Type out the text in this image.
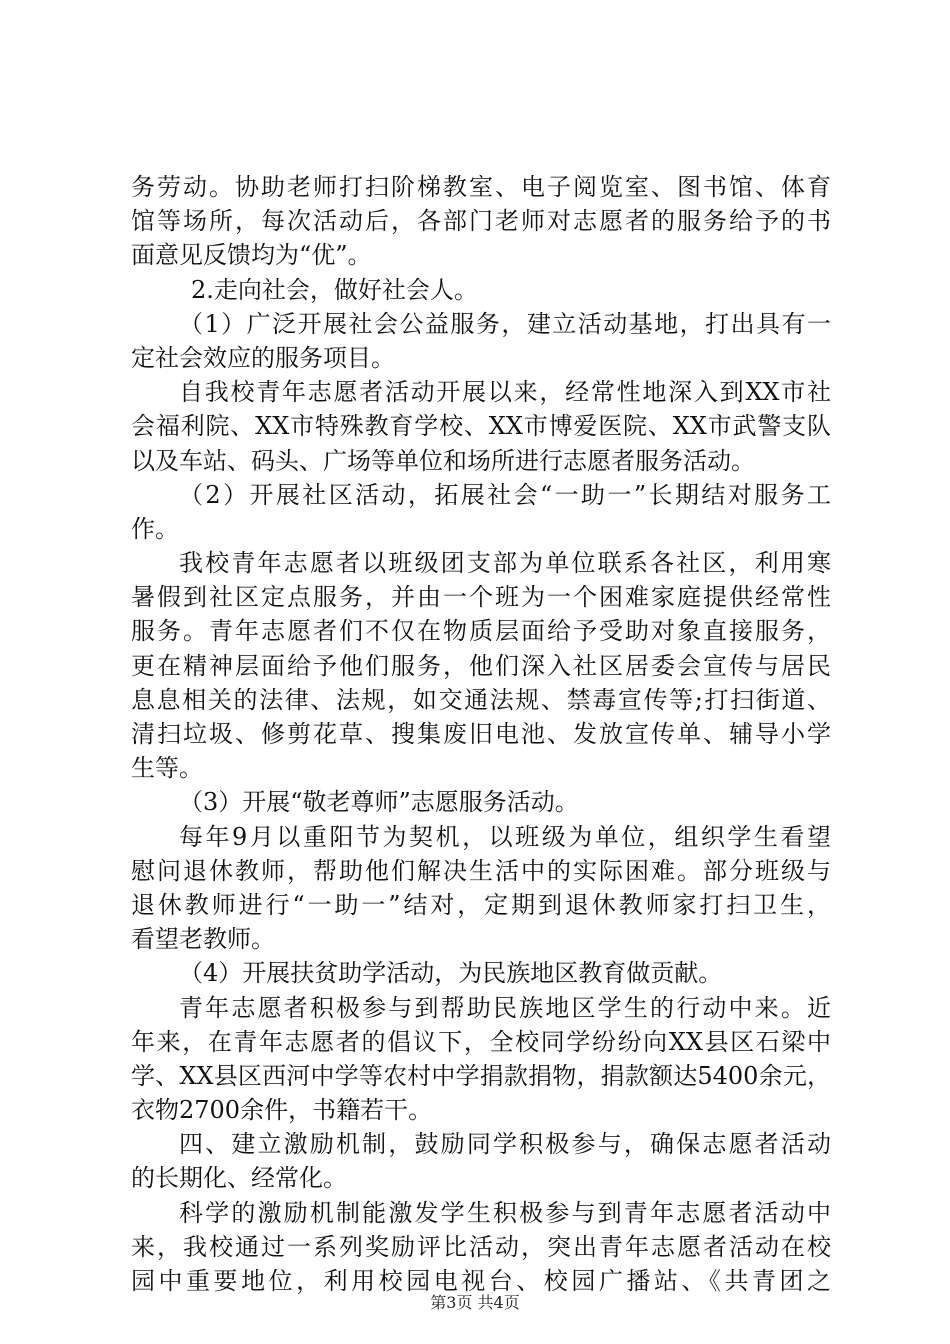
务劳动。协助老师打扫阶梯教室、电子阅览室、图书馆、体育
馆等场所，每次活动后，各部门老师对志愿者的服务给予的书
面意见反馈均为“优”。
2.走向社会，做好社会人。
（1）广泛开展社会公益服务，建立活动基地，打出具有一
定社会效应的服务项目。
自我校青年志愿者活动开展以来，经常性地深入到XX市社
会福利院、XX市特殊教育学校、XX市博爱医院、XX市武警支队
以及车站、码头、广场等单位和场所进行志愿者服务活动。
（2）开展社区活动，拓展社会“一助一”长期结对服务工
作。
我校青年志愿者以班级团支部为单位联系各社区，利用寒
暑假到社区定点服务，并由一个班为一个困难家庭提供经常性
服务。青年志愿者们不仅在物质层面给予受助对象直接服务，
更在精神层面给予他们服务，他们深入社区居委会宣传与居民
息息相关的法律、法规，如交通法规、禁毒宣传等;打扫街道、
清扫垃圾、修剪花草、搜集废旧电池、发放宣传单、辅导小学
生等。
（3）开展“敬老尊师”志愿服务活动。
每年9月以重阳节为契机，以班级为单位，组织学生看望
慰问退休教师，帮助他们解决生活中的实际困难。部分班级与
退休教师进行“一助一”结对，定期到退休教师家打扫卫生，
看望老教师。
（4）开展扶贫助学活动，为民族地区教育做贡献。
青年志愿者积极参与到帮助民族地区学生的行动中来。近
年来，在青年志愿者的倡议下，全校同学纷纷向XX县区石梁中
学、XX县区西河中学等农村中学捐款捐物，捐款额达5400余元，
衣物2700余件，书籍若干。
四、建立激励机制，鼓励同学积极参与，确保志愿者活动
的长期化、经常化。
科学的激励机制能激发学生积极参与到青年志愿者活动中
来，我校通过一系列奖励评比活动，突出青年志愿者活动在校
园中重要地位，利用校园电视台、校园广播站、《共青团之
第3页 共4页
